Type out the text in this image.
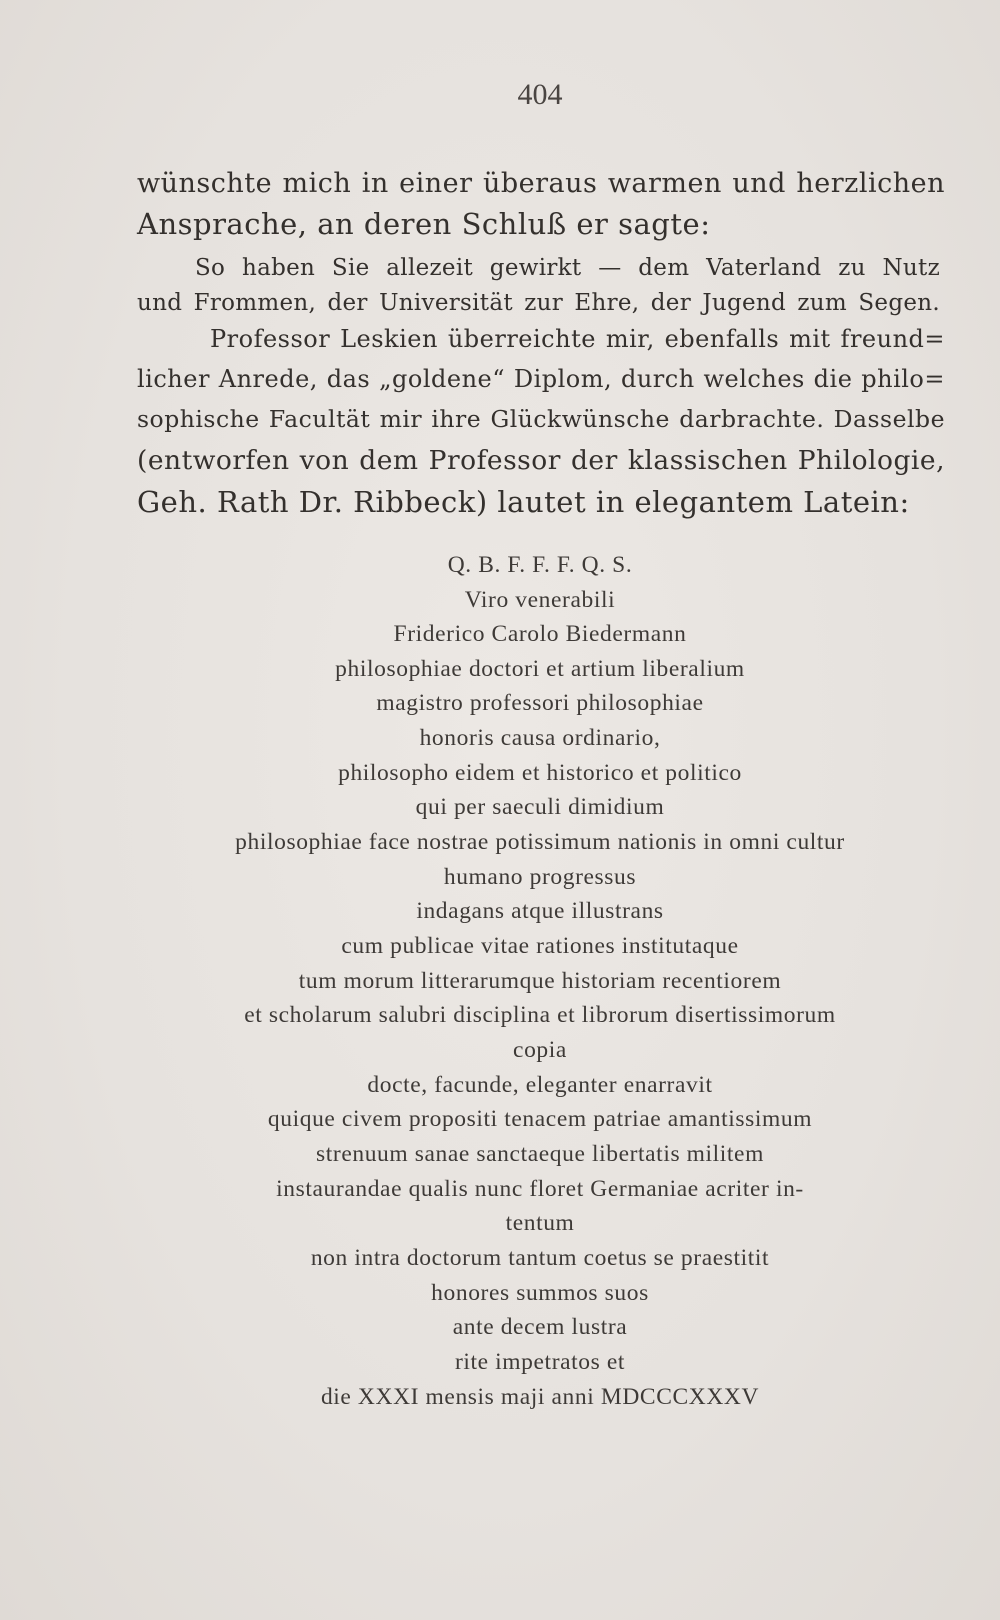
404
wünschte mich in einer überaus warmen und herzlichen
Ansprache, an deren Schluß er sagte:
So haben Sie allezeit gewirkt — dem Vaterland zu Nutz
und Frommen, der Universität zur Ehre, der Jugend zum Segen.
Professor Leskien überreichte mir, ebenfalls mit freund=
licher Anrede, das „goldene“ Diplom, durch welches die philo=
sophische Facultät mir ihre Glückwünsche darbrachte. Dasselbe
(entworfen von dem Professor der klassischen Philologie,
Geh. Rath Dr. Ribbeck) lautet in elegantem Latein:
Q. B. F. F. F. Q. S.
Viro venerabili
Friderico Carolo Biedermann
philosophiae doctori et artium liberalium
magistro professori philosophiae
honoris causa ordinario,
philosopho eidem et historico et politico
qui per saeculi dimidium
philosophiae face nostrae potissimum nationis in omni cultur
humano progressus
indagans atque illustrans
cum publicae vitae rationes institutaque
tum morum litterarumque historiam recentiorem
et scholarum salubri disciplina et librorum disertissimorum
copia
docte, facunde, eleganter enarravit
quique civem propositi tenacem patriae amantissimum
strenuum sanae sanctaeque libertatis militem
instaurandae qualis nunc floret Germaniae acriter in-
tentum
non intra doctorum tantum coetus se praestitit
honores summos suos
ante decem lustra
rite impetratos et
die XXXI mensis maji anni MDCCCXXXV
